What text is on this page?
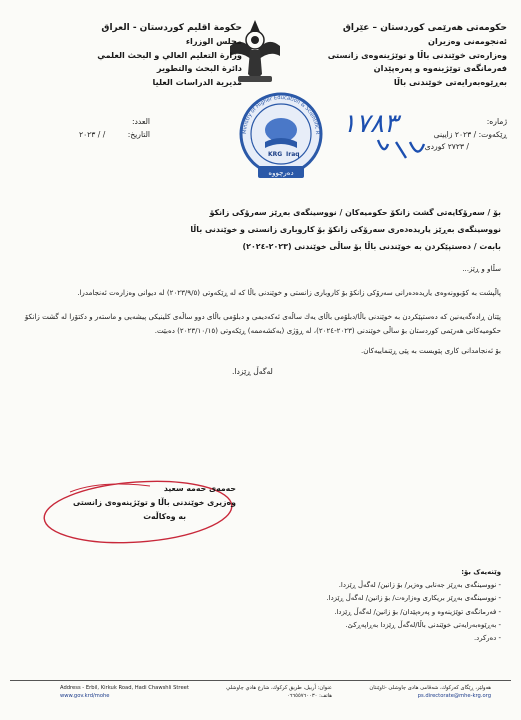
حكومەتی هەرێمی كوردستان – عێراق
ئەنجومەنی وەزیران
وەزارەتی خوێندنی باڵا و توێژینەوەی زانستی
فەرمانگەی توێژینەوە و پەرەپێدان
بەڕێوەبەرایەتی خوێندنی باڵا
حكومة اقليم كوردستان - العراق
مجلس الوزراء
وزارة التعليم العالي و البحث العلمي
دائرة البحث والتطوير
مديرية الدراسات العليا
ژمارە:
ڕێكەوت: / ۲۰۲۳ زایینی
/ ۲۷۲۳ كوردی
١٧٨٣
Ministry of Higher Education & Scientific R
KRG Iraq
دەرچووە
العدد:
التاريخ: / / ۲۰۲۳
بۆ / سەرۆكایەتی گشت زانكۆ حكومیەكان / نووسینگەی بەڕێز سەرۆكی زانكۆ
نووسینگەی بەڕێز یاریدەدەری سەرۆكی زانكۆ بۆ كاروباری زانستی و خوێندنی باڵا
بابەت / دەستپێكردن بە خوێندنی باڵا بۆ ساڵی خوێندنی (۲۰۲۳-۲۰۲٤)
سڵاو و ڕێز...
پاڵپشت بە كۆبوونەوەی یاریدەدەرانی سەرۆكی زانكۆ بۆ كاروباری زانستی و خوێندنی باڵا كە لە ڕێكەوتی (۲۰۲۳/۹/٥) لە دیوانی وەزارەت ئەنجامدرا.
پێتان ڕادەگەیەنین كە دەستپێكردن بە خوێندنی باڵا/دبلۆمی باڵای یەك ساڵەی ئەكەدیمی و دبلۆمی باڵای دوو ساڵەی كلینیكی پیشەیی و ماستەر و دكتۆرا لە گشت زانكۆ حكومیەكانی هەرێمی كوردستان بۆ ساڵی خوێندنی (۲۰۲۳-۲۰۲٤)، لە ڕۆژی (یەكشەممە) ڕێكەوتی (۲۰۲۳/۱۰/۱٥) دەبێت.
بۆ ئەنجامدانی كاری پێویست بە پێی ڕێنماییەكان.
لەگەڵ ڕێزدا.
حەمەی حەمە سعید
وەزیری خوێندنی باڵا و توێژینەوەی زانستی
بە وەكاڵەت
وێنەیەک بۆ:
- نووسینگەی بەڕێز جەنابی وەزیر/ بۆ زانین/ لەگەڵ ڕێزدا.
- نووسینگەی بەڕێز بریكاری وەزارەت/ بۆ زانین/ لەگەڵ ڕێزدا.
- فەرمانگەی توێژینەوە و پەرەپێدان/ بۆ زانین/ لەگەڵ ڕێزدا.
- بەڕێوەبەرایەتی خوێندنی باڵا/لەگەڵ ڕێزدا بەڕاپەڕكێ.
- دەركرد.
Address - Erbil, Kirkuk Road, Hadi Chawshli Street
www.gov.krd/mohe
عنوان: أربيل، طريق كركوك، شارع هادي چاوشلي
هاتف: ٠٦٦٥٥٧٦٠٠٣٠
هەولێر، ڕێگای كەركوك، شەقامی هادی چاوشلی -ئاوێنتان
ps.directorate@mhe-krg.org
